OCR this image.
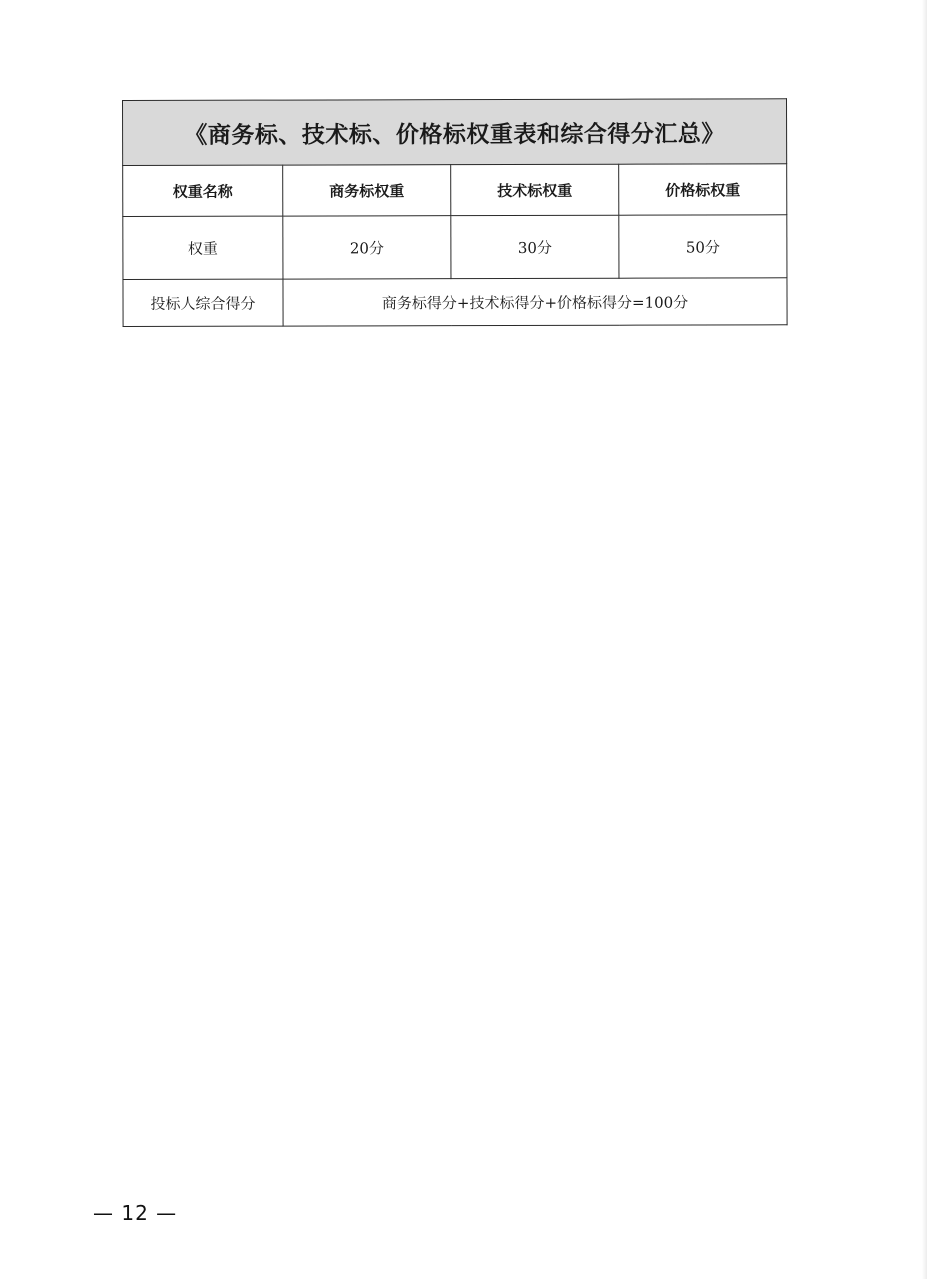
《商务标、技术标、价格标权重表和综合得分汇总》			
权重名称	商务标权重	技术标权重	价格标权重
权重	20分	30分	50分
投标人综合得分	商务标得分+技术标得分+价格标得分=100分		
— 12 —
